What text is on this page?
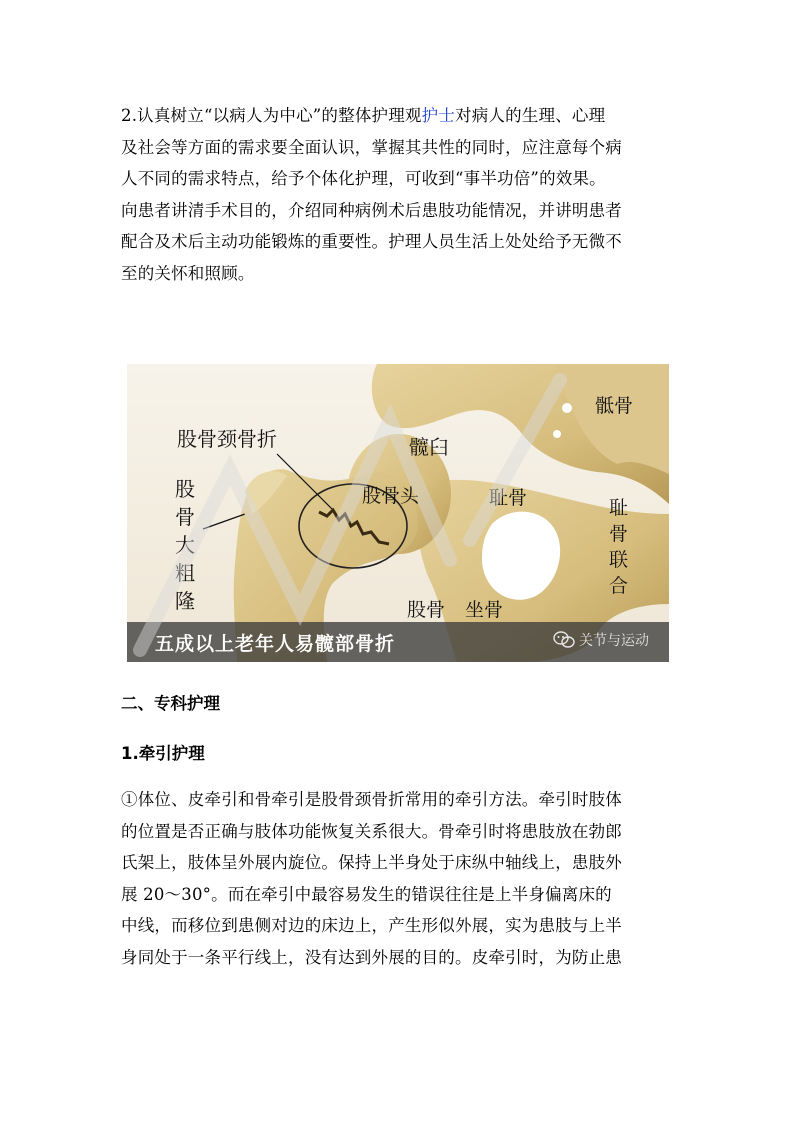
2.认真树立“以病人为中心”的整体护理观护士对病人的生理、心理
及社会等方面的需求要全面认识，掌握其共性的同时，应注意每个病
人不同的需求特点，给予个体化护理，可收到“事半功倍”的效果。
向患者讲清手术目的，介绍同种病例术后患肢功能情况，并讲明患者
配合及术后主动功能锻炼的重要性。护理人员生活上处处给予无微不
至的关怀和照顾。

股骨颈骨折
股
骨
大
粗
隆
髋臼
股骨头	耻骨
骶骨
耻
骨
联
合
坐骨
股骨
五成以上老年人易髋部骨折	关节与运动

二、专科护理

1.牵引护理

①体位、皮牵引和骨牵引是股骨颈骨折常用的牵引方法。牵引时肢体
的位置是否正确与肢体功能恢复关系很大。骨牵引时将患肢放在勃郎
氏架上，肢体呈外展内旋位。保持上半身处于床纵中轴线上，患肢外
展 20～30°。而在牵引中最容易发生的错误往往是上半身偏离床的
中线，而移位到患侧对边的床边上，产生形似外展，实为患肢与上半
身同处于一条平行线上，没有达到外展的目的。皮牵引时，为防止患
